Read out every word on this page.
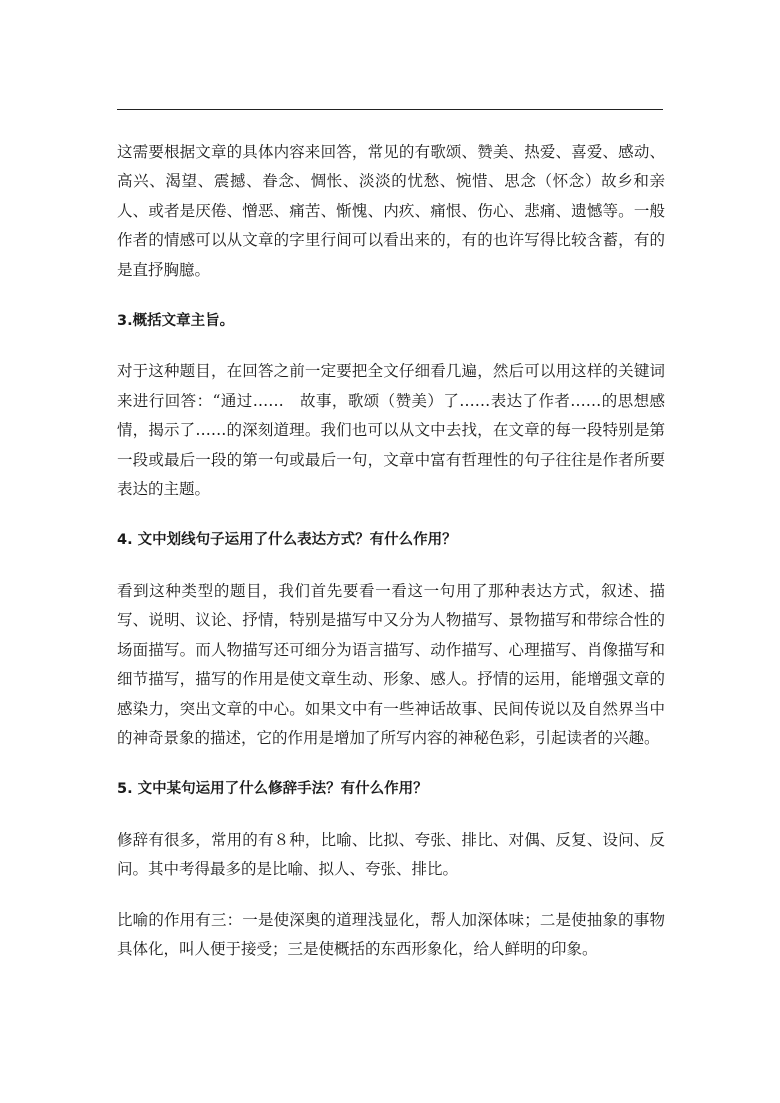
这需要根据文章的具体内容来回答，常见的有歌颂、赞美、热爱、喜爱、感动、高兴、渴望、震撼、眷念、惆怅、淡淡的忧愁、惋惜、思念（怀念）故乡和亲人、或者是厌倦、憎恶、痛苦、惭愧、内疚、痛恨、伤心、悲痛、遗憾等。一般作者的情感可以从文章的字里行间可以看出来的，有的也许写得比较含蓄，有的是直抒胸臆。

3.概括文章主旨。

对于这种题目，在回答之前一定要把全文仔细看几遍，然后可以用这样的关键词来进行回答：“通过……　故事，歌颂（赞美）了……表达了作者……的思想感情，揭示了……的深刻道理。我们也可以从文中去找，在文章的每一段特别是第一段或最后一段的第一句或最后一句，文章中富有哲理性的句子往往是作者所要表达的主题。

4. 文中划线句子运用了什么表达方式？有什么作用？

看到这种类型的题目，我们首先要看一看这一句用了那种表达方式，叙述、描写、说明、议论、抒情，特别是描写中又分为人物描写、景物描写和带综合性的场面描写。而人物描写还可细分为语言描写、动作描写、心理描写、肖像描写和细节描写，描写的作用是使文章生动、形象、感人。抒情的运用，能增强文章的感染力，突出文章的中心。如果文中有一些神话故事、民间传说以及自然界当中的神奇景象的描述，它的作用是增加了所写内容的神秘色彩，引起读者的兴趣。

5. 文中某句运用了什么修辞手法？有什么作用？

修辞有很多，常用的有８种，比喻、比拟、夸张、排比、对偶、反复、设问、反问。其中考得最多的是比喻、拟人、夸张、排比。

比喻的作用有三：一是使深奥的道理浅显化，帮人加深体味；二是使抽象的事物具体化，叫人便于接受；三是使概括的东西形象化，给人鲜明的印象。
